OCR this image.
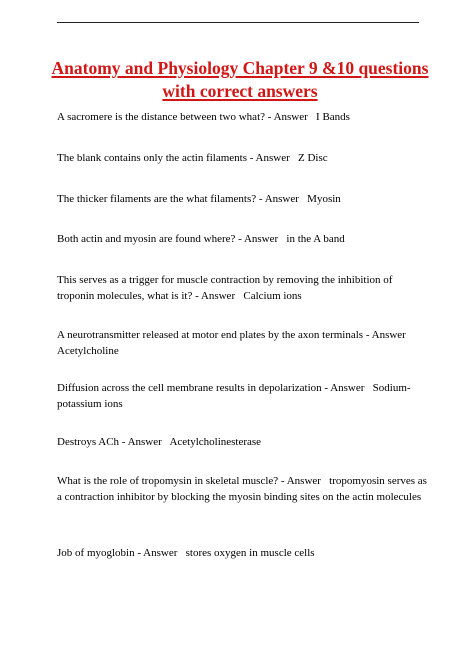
Anatomy and Physiology Chapter 9 &10 questions with correct answers

A sacromere is the distance between two what? - Answer   I Bands

The blank contains only the actin filaments - Answer   Z Disc

The thicker filaments are the what filaments? - Answer   Myosin

Both actin and myosin are found where? - Answer   in the A band

This serves as a trigger for muscle contraction by removing the inhibition of troponin molecules, what is it? - Answer   Calcium ions

A neurotransmitter released at motor end plates by the axon terminals - Answer   Acetylcholine

Diffusion across the cell membrane results in depolarization - Answer   Sodium-potassium ions

Destroys ACh - Answer   Acetylcholinesterase

What is the role of tropomysin in skeletal muscle? - Answer   tropomyosin serves as a contraction inhibitor by blocking the myosin binding sites on the actin molecules

Job of myoglobin - Answer   stores oxygen in muscle cells
